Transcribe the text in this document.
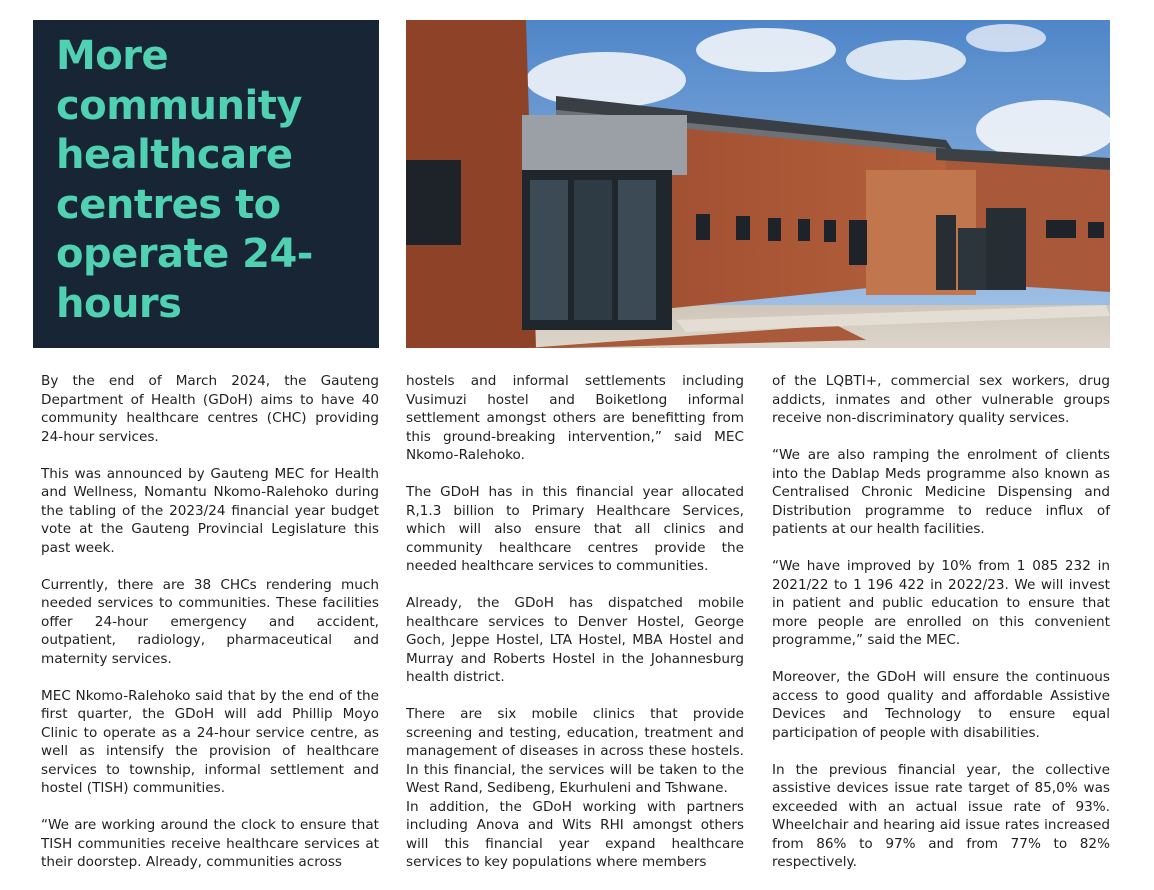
More community healthcare centres to operate 24-hours

By the end of March 2024, the Gauteng Department of Health (GDoH) aims to have 40 community healthcare centres (CHC) providing 24-hour services.

This was announced by Gauteng MEC for Health and Wellness, Nomantu Nkomo-Ralehoko during the tabling of the 2023/24 financial year budget vote at the Gauteng Provincial Legislature this past week.

Currently, there are 38 CHCs rendering much needed services to communities. These facilities offer 24-hour emergency and accident, outpatient, radiology, pharmaceutical and maternity services.

MEC Nkomo-Ralehoko said that by the end of the first quarter, the GDoH will add Phillip Moyo Clinic to operate as a 24-hour service centre, as well as intensify the provision of healthcare services to township, informal settlement and hostel (TISH) communities.

“We are working around the clock to ensure that TISH communities receive healthcare services at their doorstep. Already, communities across

hostels and informal settlements including Vusimuzi hostel and Boiketlong informal settlement amongst others are benefitting from this ground-breaking intervention,” said MEC Nkomo-Ralehoko.

The GDoH has in this financial year allocated R,1.3 billion to Primary Healthcare Services, which will also ensure that all clinics and community healthcare centres provide the needed healthcare services to communities.

Already, the GDoH has dispatched mobile healthcare services to Denver Hostel, George Goch, Jeppe Hostel, LTA Hostel, MBA Hostel and Murray and Roberts Hostel in the Johannesburg health district.

There are six mobile clinics that provide screening and testing, education, treatment and management of diseases in across these hostels. In this financial, the services will be taken to the West Rand, Sedibeng, Ekurhuleni and Tshwane.

In addition, the GDoH working with partners including Anova and Wits RHI amongst others will this financial year expand healthcare services to key populations where members

of the LQBTI+, commercial sex workers, drug addicts, inmates and other vulnerable groups receive non-discriminatory quality services.

“We are also ramping the enrolment of clients into the Dablap Meds programme also known as Centralised Chronic Medicine Dispensing and Distribution programme to reduce influx of patients at our health facilities.

“We have improved by 10% from 1 085 232 in 2021/22 to 1 196 422 in 2022/23. We will invest in patient and public education to ensure that more people are enrolled on this convenient programme,” said the MEC.

Moreover, the GDoH will ensure the continuous access to good quality and affordable Assistive Devices and Technology to ensure equal participation of people with disabilities.

In the previous financial year, the collective assistive devices issue rate target of 85,0% was exceeded with an actual issue rate of 93%. Wheelchair and hearing aid issue rates increased from 86% to 97% and from 77% to 82% respectively.
